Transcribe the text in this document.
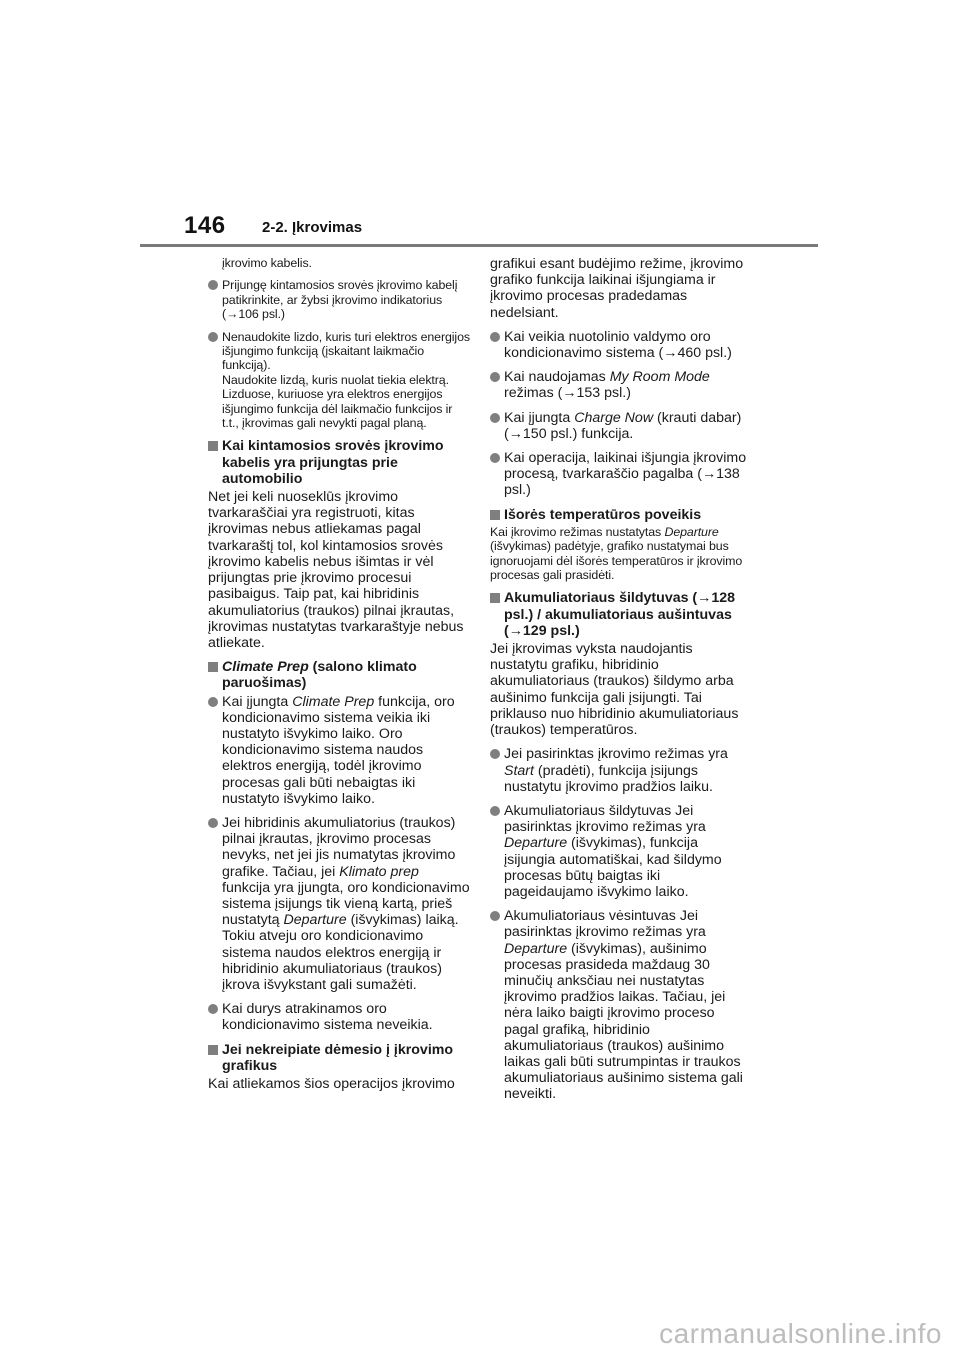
146 2-2. Įkrovimas

įkrovimo kabelis.

Prijungę kintamosios srovės įkrovimo kabelį patikrinkite, ar žybsi įkrovimo indikatorius (→106 psl.)
Nenaudokite lizdo, kuris turi elektros energijos išjungimo funkciją (įskaitant laikmačio funkciją).
Naudokite lizdą, kuris nuolat tiekia elektrą. Lizduose, kuriuose yra elektros energijos išjungimo funkcija dėl laikmačio funkcijos ir t.t., įkrovimas gali nevykti pagal planą.
Kai kintamosios srovės įkrovimo kabelis yra prijungtas prie automobilio

Net jei keli nuoseklūs įkrovimo tvarkaraščiai yra registruoti, kitas įkrovimas nebus atliekamas pagal tvarkaraštį tol, kol kintamosios srovės įkrovimo kabelis nebus išimtas ir vėl prijungtas prie įkrovimo procesui pasibaigus. Taip pat, kai hibridinis akumuliatorius (traukos) pilnai įkrautas, įkrovimas nustatytas tvarkaraštyje nebus atliekate.

Climate Prep (salono klimato paruošimas)
Kai įjungta Climate Prep funkcija, oro kondicionavimo sistema veikia iki nustatyto išvykimo laiko. Oro kondicionavimo sistema naudos elektros energiją, todėl įkrovimo procesas gali būti nebaigtas iki nustatyto išvykimo laiko.
Jei hibridinis akumuliatorius (traukos) pilnai įkrautas, įkrovimo procesas nevyks, net jei jis numatytas įkrovimo grafike. Tačiau, jei Klimato prep funkcija yra įjungta, oro kondicionavimo sistema įsijungs tik vieną kartą, prieš nustatytą Departure (išvykimas) laiką. Tokiu atveju oro kondicionavimo sistema naudos elektros energiją ir hibridinio akumuliatoriaus (traukos) įkrova išvykstant gali sumažėti.
Kai durys atrakinamos oro kondicionavimo sistema neveikia.
Jei nekreipiate dėmesio į įkrovimo grafikus

Kai atliekamos šios operacijos įkrovimo

grafikui esant budėjimo režime, įkrovimo grafiko funkcija laikinai išjungiama ir įkrovimo procesas pradedamas nedelsiant.

Kai veikia nuotolinio valdymo oro kondicionavimo sistema (→460 psl.)
Kai naudojamas My Room Mode režimas (→153 psl.)
Kai įjungta Charge Now (krauti dabar) (→150 psl.) funkcija.
Kai operacija, laikinai išjungia įkrovimo procesą, tvarkaraščio pagalba (→138 psl.)
Išorės temperatūros poveikis

Kai įkrovimo režimas nustatytas Departure (išvykimas) padėtyje, grafiko nustatymai bus ignoruojami dėl išorės temperatūros ir įkrovimo procesas gali prasidėti.

Akumuliatoriaus šildytuvas (→128 psl.) / akumuliatoriaus aušintuvas (→129 psl.)

Jei įkrovimas vyksta naudojantis nustatytu grafiku, hibridinio akumuliatoriaus (traukos) šildymo arba aušinimo funkcija gali įsijungti. Tai priklauso nuo hibridinio akumuliatoriaus (traukos) temperatūros.

Jei pasirinktas įkrovimo režimas yra Start (pradėti), funkcija įsijungs nustatytu įkrovimo pradžios laiku.
Akumuliatoriaus šildytuvas Jei pasirinktas įkrovimo režimas yra Departure (išvykimas), funkcija įsijungia automatiškai, kad šildymo procesas būtų baigtas iki pageidaujamo išvykimo laiko.
Akumuliatoriaus vėsintuvas Jei pasirinktas įkrovimo režimas yra Departure (išvykimas), aušinimo procesas prasideda maždaug 30 minučių anksčiau nei nustatytas įkrovimo pradžios laikas. Tačiau, jei nėra laiko baigti įkrovimo proceso pagal grafiką, hibridinio akumuliatoriaus (traukos) aušinimo laikas gali būti sutrumpintas ir traukos akumuliatoriaus aušinimo sistema gali neveikti.
carmanualsonline.info
